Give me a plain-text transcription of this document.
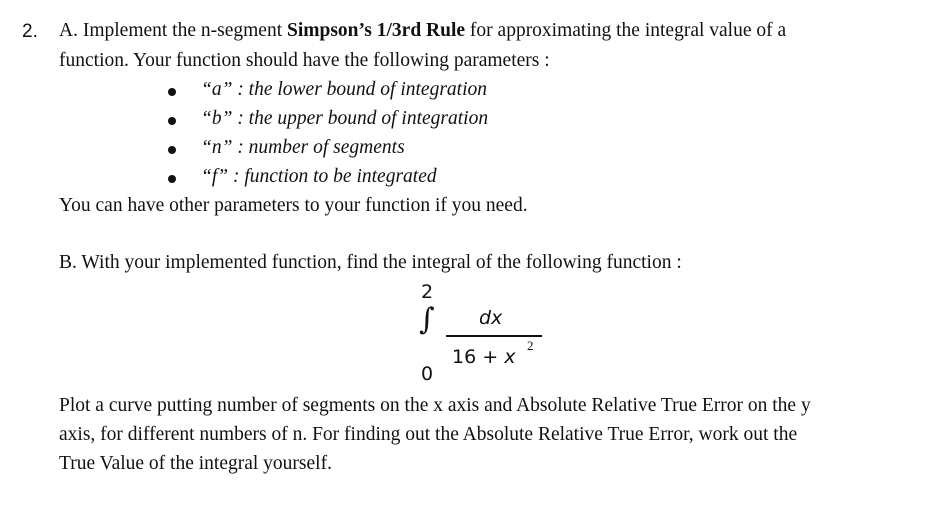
2. A. Implement the n-segment Simpson’s 1/3rd Rule for approximating the integral value of a
function. Your function should have the following parameters :
“a” : the lower bound of integration
“b” : the upper bound of integration
“n” : number of segments
“f” : function to be integrated
You can have other parameters to your function if you need.
B. With your implemented function, find the integral of the following function :
2
∫
0
dx
16 + x
2
Plot a curve putting number of segments on the x axis and Absolute Relative True Error on the y
axis, for different numbers of n. For finding out the Absolute Relative True Error, work out the
True Value of the integral yourself.
